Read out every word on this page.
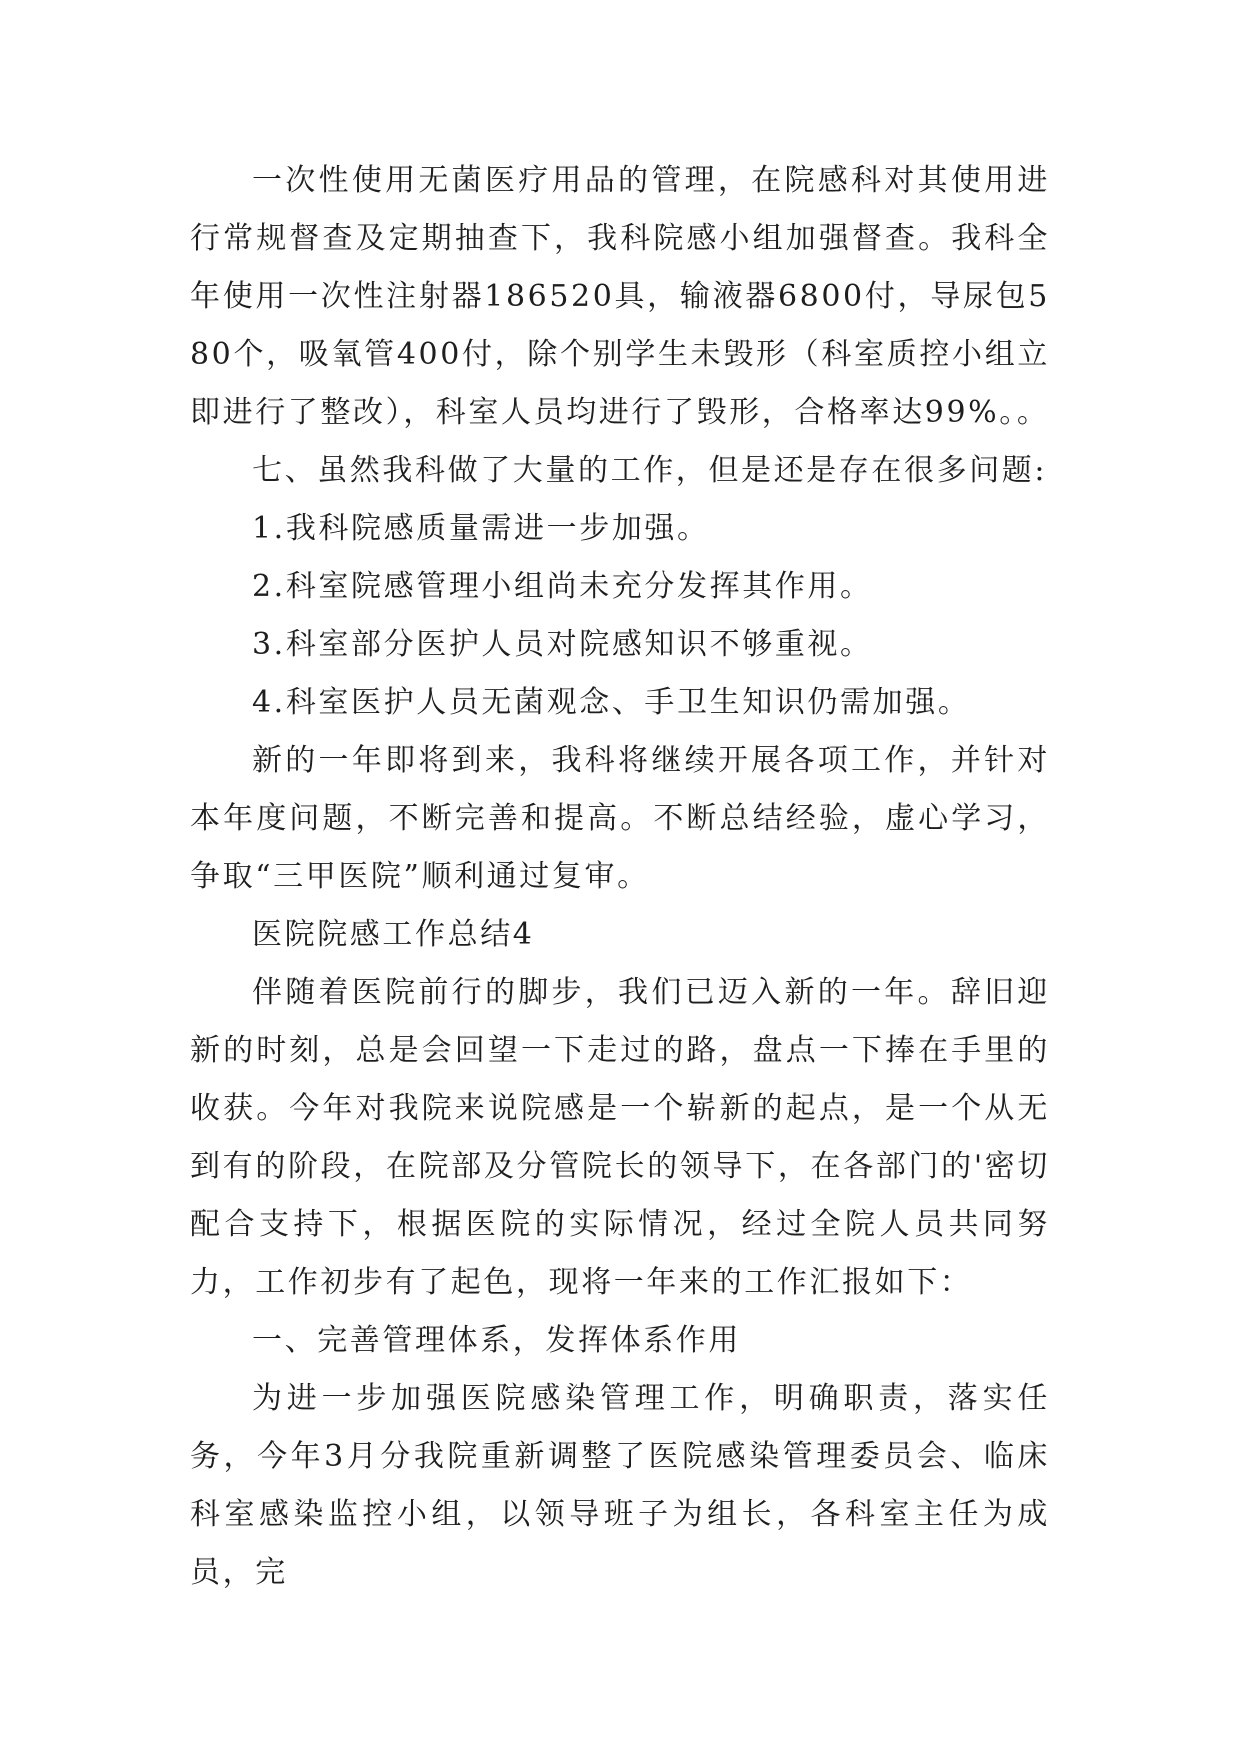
一次性使用无菌医疗用品的管理，在院感科对其使用进行常规督查及定期抽查下，我科院感小组加强督查。我科全年使用一次性注射器186520具，输液器6800付，导尿包580个，吸氧管400付，除个别学生未毁形（科室质控小组立即进行了整改），科室人员均进行了毁形，合格率达99%。。

七、虽然我科做了大量的工作，但是还是存在很多问题:

1.我科院感质量需进一步加强。

2.科室院感管理小组尚未充分发挥其作用。

3.科室部分医护人员对院感知识不够重视。

4.科室医护人员无菌观念、手卫生知识仍需加强。

新的一年即将到来，我科将继续开展各项工作，并针对本年度问题，不断完善和提高。不断总结经验，虚心学习，争取“三甲医院”顺利通过复审。

医院院感工作总结4

伴随着医院前行的脚步，我们已迈入新的一年。辞旧迎新的时刻，总是会回望一下走过的路，盘点一下捧在手里的收获。今年对我院来说院感是一个崭新的起点，是一个从无到有的阶段，在院部及分管院长的领导下，在各部门的'密切配合支持下，根据医院的实际情况，经过全院人员共同努力，工作初步有了起色，现将一年来的工作汇报如下：

一、完善管理体系，发挥体系作用

为进一步加强医院感染管理工作，明确职责，落实任务，今年3月分我院重新调整了医院感染管理委员会、临床科室感染监控小组，以领导班子为组长，各科室主任为成员，完
